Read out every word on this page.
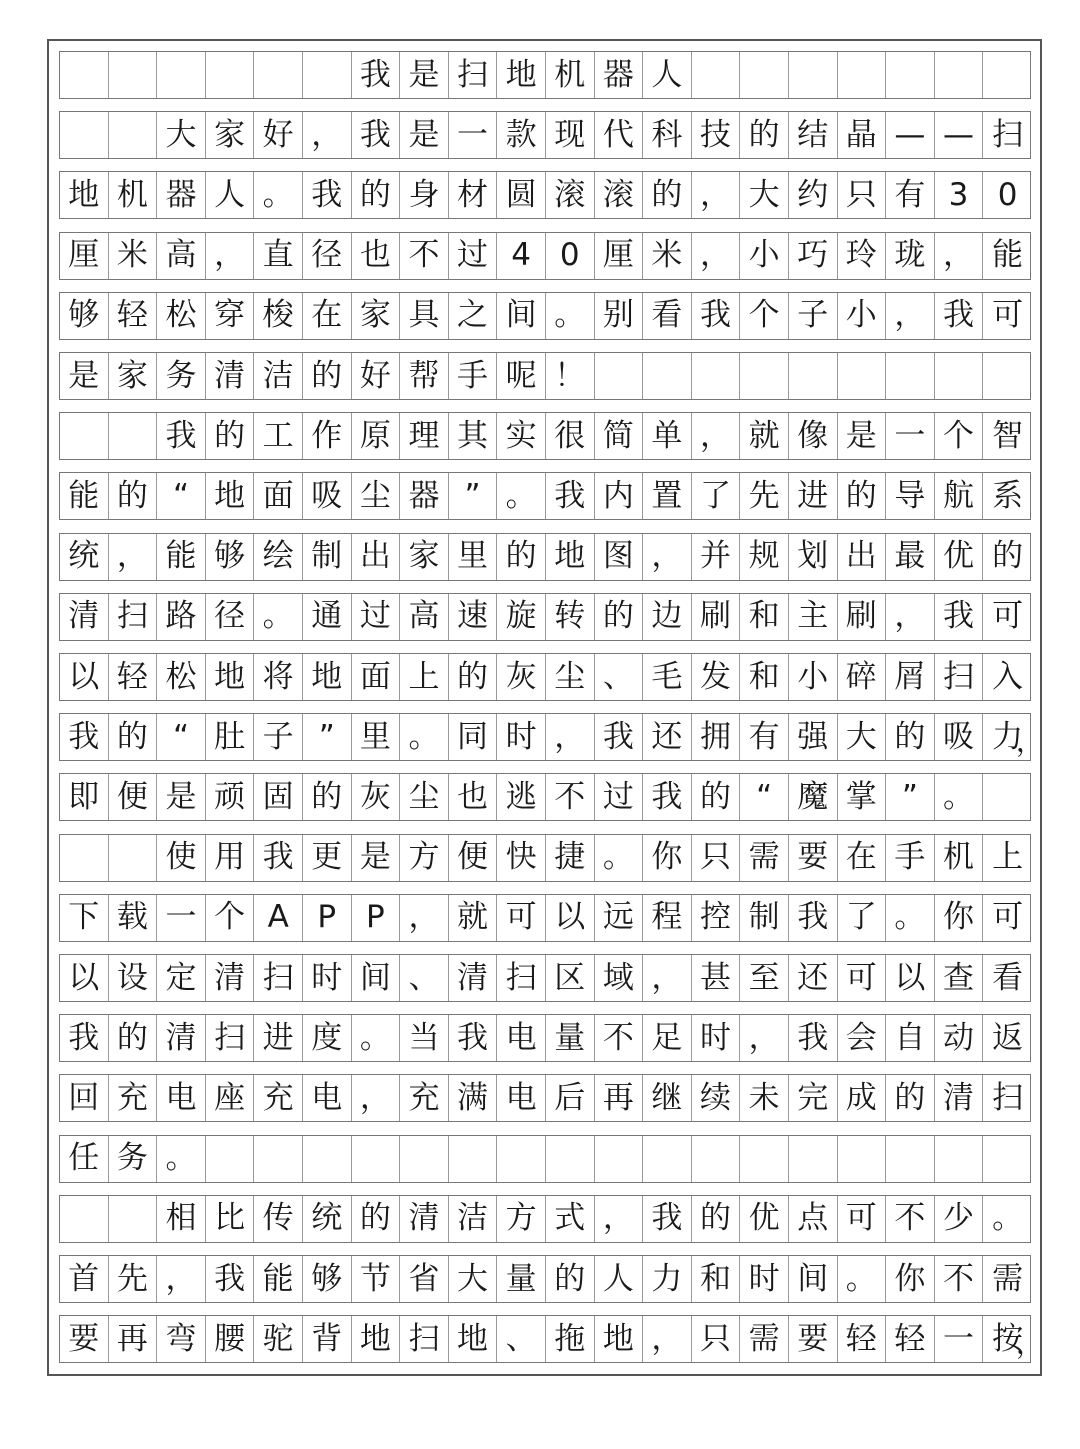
我 是 扫 地 机 器 人
大 家 好 ， 我 是 一 款 现 代 科 技 的 结 晶 — — 扫
地 机 器 人 。 我 的 身 材 圆 滚 滚 的 ， 大 约 只 有 3 0
厘 米 高 ， 直 径 也 不 过 4 0 厘 米 ， 小 巧 玲 珑 ， 能
够 轻 松 穿 梭 在 家 具 之 间 。 别 看 我 个 子 小 ， 我 可
是 家 务 清 洁 的 好 帮 手 呢 ！
我 的 工 作 原 理 其 实 很 简 单 ， 就 像 是 一 个 智
能 的 “ 地 面 吸 尘 器 ” 。 我 内 置 了 先 进 的 导 航 系
统 ， 能 够 绘 制 出 家 里 的 地 图 ， 并 规 划 出 最 优 的
清 扫 路 径 。 通 过 高 速 旋 转 的 边 刷 和 主 刷 ， 我 可
以 轻 松 地 将 地 面 上 的 灰 尘 、 毛 发 和 小 碎 屑 扫 入
我 的 “ 肚 子 ” 里 。 同 时 ， 我 还 拥 有 强 大 的 吸 力
，
即 便 是 顽 固 的 灰 尘 也 逃 不 过 我 的 “ 魔 掌 ” 。
使 用 我 更 是 方 便 快 捷 。 你 只 需 要 在 手 机 上
下 载 一 个 A P P ， 就 可 以 远 程 控 制 我 了 。 你 可
以 设 定 清 扫 时 间 、 清 扫 区 域 ， 甚 至 还 可 以 查 看
我 的 清 扫 进 度 。 当 我 电 量 不 足 时 ， 我 会 自 动 返
回 充 电 座 充 电 ， 充 满 电 后 再 继 续 未 完 成 的 清 扫
任 务 。
相 比 传 统 的 清 洁 方 式 ， 我 的 优 点 可 不 少 。
首 先 ， 我 能 够 节 省 大 量 的 人 力 和 时 间 。 你 不 需
要 再 弯 腰 驼 背 地 扫 地 、 拖 地 ， 只 需 要 轻 轻 一 按
，
